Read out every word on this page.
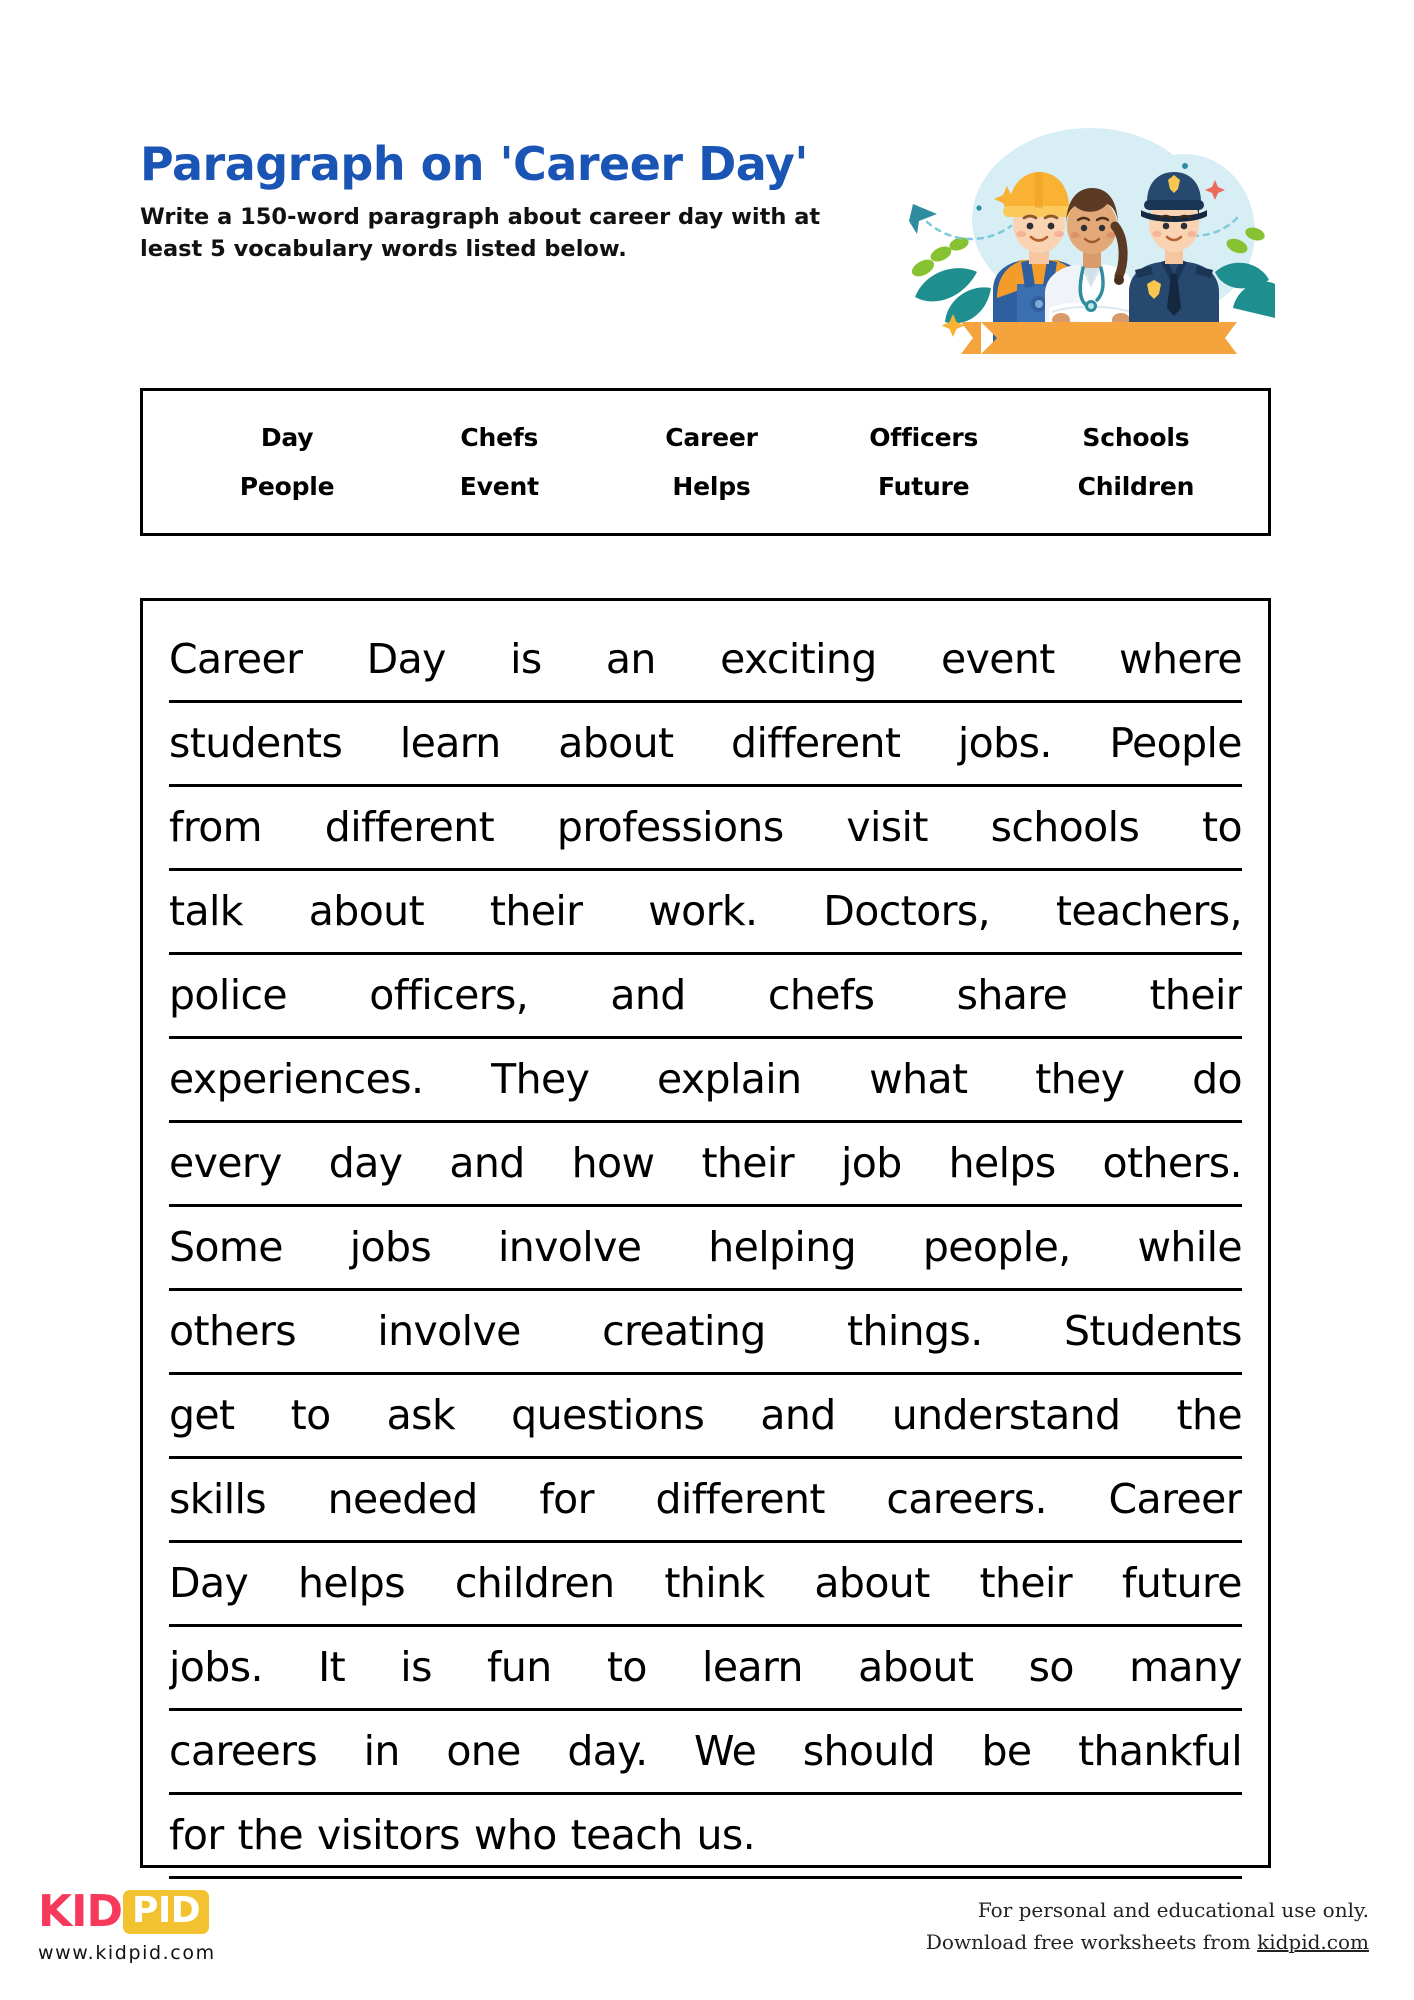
Paragraph on 'Career Day'

Write a 150-word paragraph about career day with at least 5 vocabulary words listed below.

Day	Chefs	Career	Officers	Schools
People	Event	Helps	Future	Children
Career Day is an exciting event where
students learn about different jobs. People
from different professions visit schools to
talk about their work. Doctors, teachers,
police officers, and chefs share their
experiences. They explain what they do
every day and how their job helps others.
Some jobs involve helping people, while
others involve creating things. Students
get to ask questions and understand the
skills needed for different careers. Career
Day helps children think about their future
jobs. It is fun to learn about so many
careers in one day. We should be thankful
for the visitors who teach us.
KID PID
www.kidpid.com
For personal and educational use only.
Download free worksheets from kidpid.com
